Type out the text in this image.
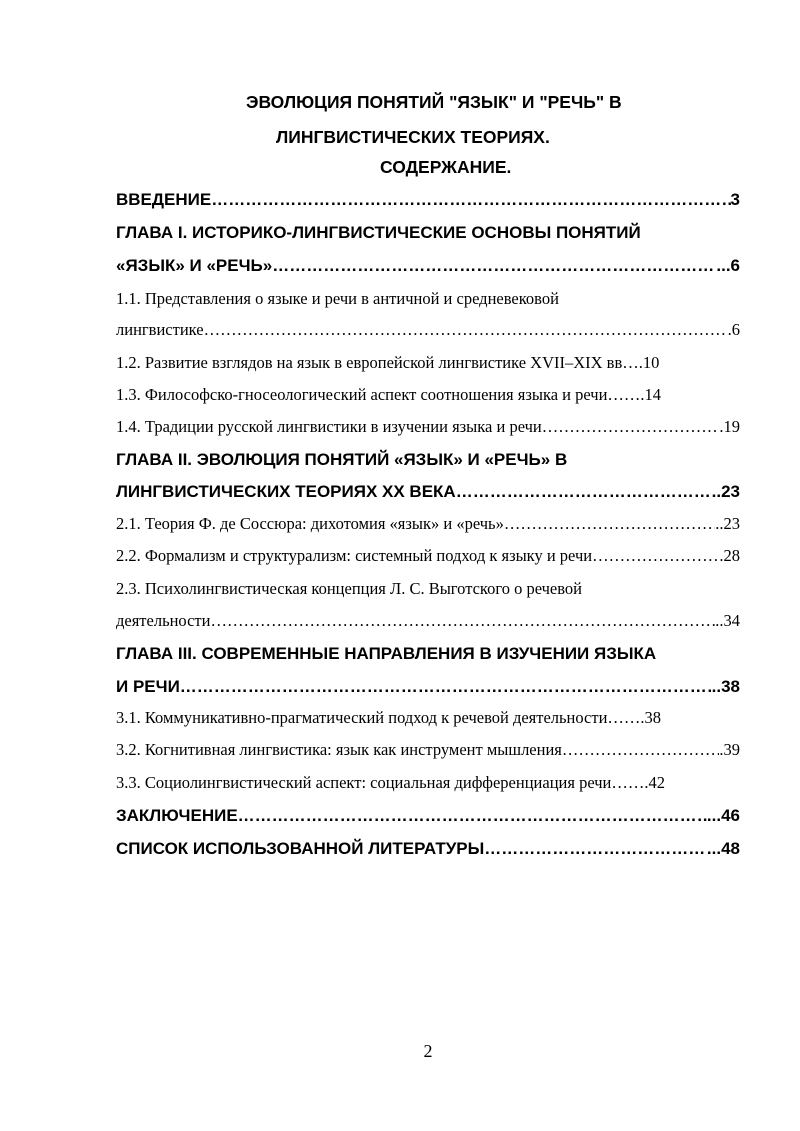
ЭВОЛЮЦИЯ ПОНЯТИЙ "ЯЗЫК" И "РЕЧЬ" В
ЛИНГВИСТИЧЕСКИХ ТЕОРИЯХ.
СОДЕРЖАНИЕ.
ВВЕДЕНИЕ ……………………………………………………………………………………………………………………………………………………	3
ГЛАВА I. ИСТОРИКО-ЛИНГВИСТИЧЕСКИЕ ОСНОВЫ ПОНЯТИЙ
«ЯЗЫК» И «РЕЧЬ» ……………………………………………………………………………………………………………………………………………………	...6
1.1. Представления о языке и речи в античной и средневековой
лингвистике ……………………………………………………………………………………………………………………………………………………	.6
1.2. Развитие взглядов на язык в европейской лингвистике XVII–XIX вв ….10
1.3. Философско-гносеологический аспект соотношения языка и речи …….14
1.4. Традиции русской лингвистики в изучении языка и речи ……………………………………………………………………………………………………………………………………………………	.19
ГЛАВА II. ЭВОЛЮЦИЯ ПОНЯТИЙ «ЯЗЫК» И «РЕЧЬ» В
ЛИНГВИСТИЧЕСКИХ ТЕОРИЯХ XX ВЕКА ……………………………………………………………………………………………………………………………………………………	..23
2.1. Теория Ф. де Соссюра: дихотомия «язык» и «речь» ……………………………………………………………………………………………………………………………………………………	..23
2.2. Формализм и структурализм: системный подход к языку и речи ……………………………………………………………………………………………………………………………………………………	.28
2.3. Психолингвистическая концепция Л. С. Выготского о речевой
деятельности ……………………………………………………………………………………………………………………………………………………	..34
ГЛАВА III. СОВРЕМЕННЫЕ НАПРАВЛЕНИЯ В ИЗУЧЕНИИ ЯЗЫКА
И РЕЧИ ……………………………………………………………………………………………………………………………………………………	..38
3.1. Коммуникативно-прагматический подход к речевой деятельности …….38
3.2. Когнитивная лингвистика: язык как инструмент мышления ……………………………………………………………………………………………………………………………………………………	.39
3.3. Социолингвистический аспект: социальная дифференциация речи …….42
ЗАКЛЮЧЕНИЕ ……………………………………………………………………………………………………………………………………………………	...46
СПИСОК ИСПОЛЬЗОВАННОЙ ЛИТЕРАТУРЫ ……………………………………………………………………………………………………………………………………………………	...48
2
